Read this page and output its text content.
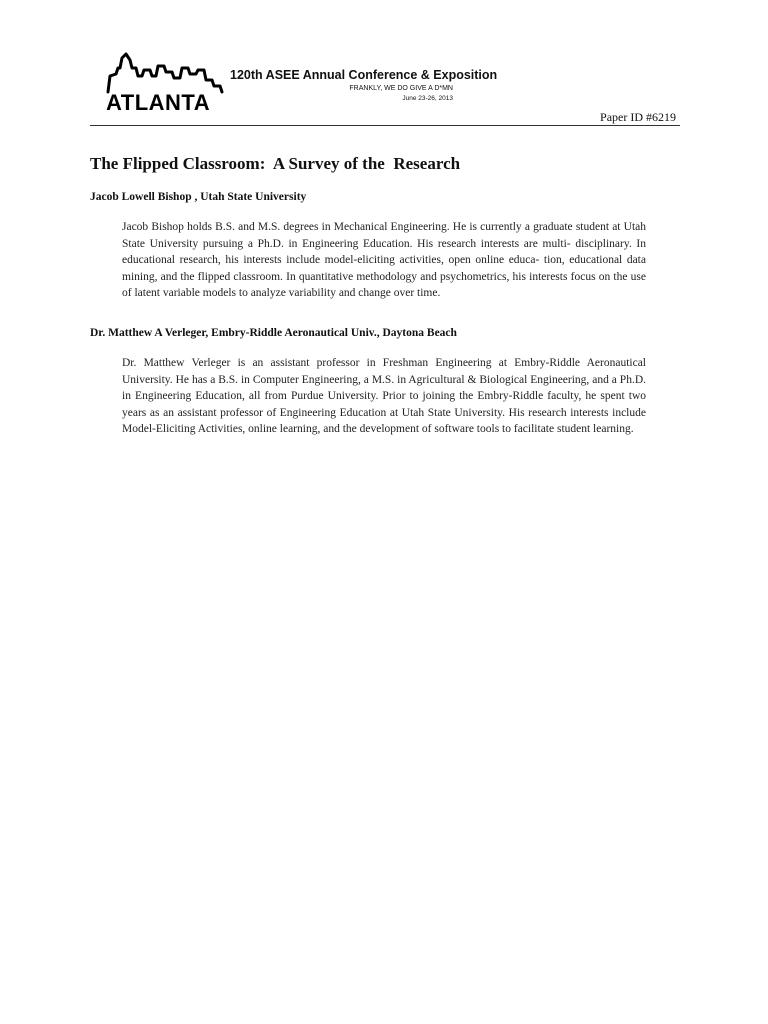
ATLANTA
120th ASEE Annual Conference & Exposition
FRANKLY, WE DO GIVE A D*MN
June 23-26, 2013
Paper ID #6219
The Flipped Classroom:  A Survey of the  Research

Jacob Lowell Bishop , Utah State University

Jacob Bishop holds B.S. and M.S. degrees in Mechanical Engineering. He is currently a graduate student at Utah State University pursuing a Ph.D. in Engineering Education. His research interests are multi- disciplinary. In educational research, his interests include model-eliciting activities, open online educa- tion, educational data mining, and the flipped classroom. In quantitative methodology and psychometrics, his interests focus on the use of latent variable models to analyze variability and change over time.

Dr. Matthew A Verleger, Embry-Riddle Aeronautical Univ., Daytona Beach

Dr. Matthew Verleger is an assistant professor in Freshman Engineering at Embry-Riddle Aeronautical University. He has a B.S. in Computer Engineering, a M.S. in Agricultural & Biological Engineering, and a Ph.D. in Engineering Education, all from Purdue University. Prior to joining the Embry-Riddle faculty, he spent two years as an assistant professor of Engineering Education at Utah State University. His research interests include Model-Eliciting Activities, online learning, and the development of software tools to facilitate student learning.
